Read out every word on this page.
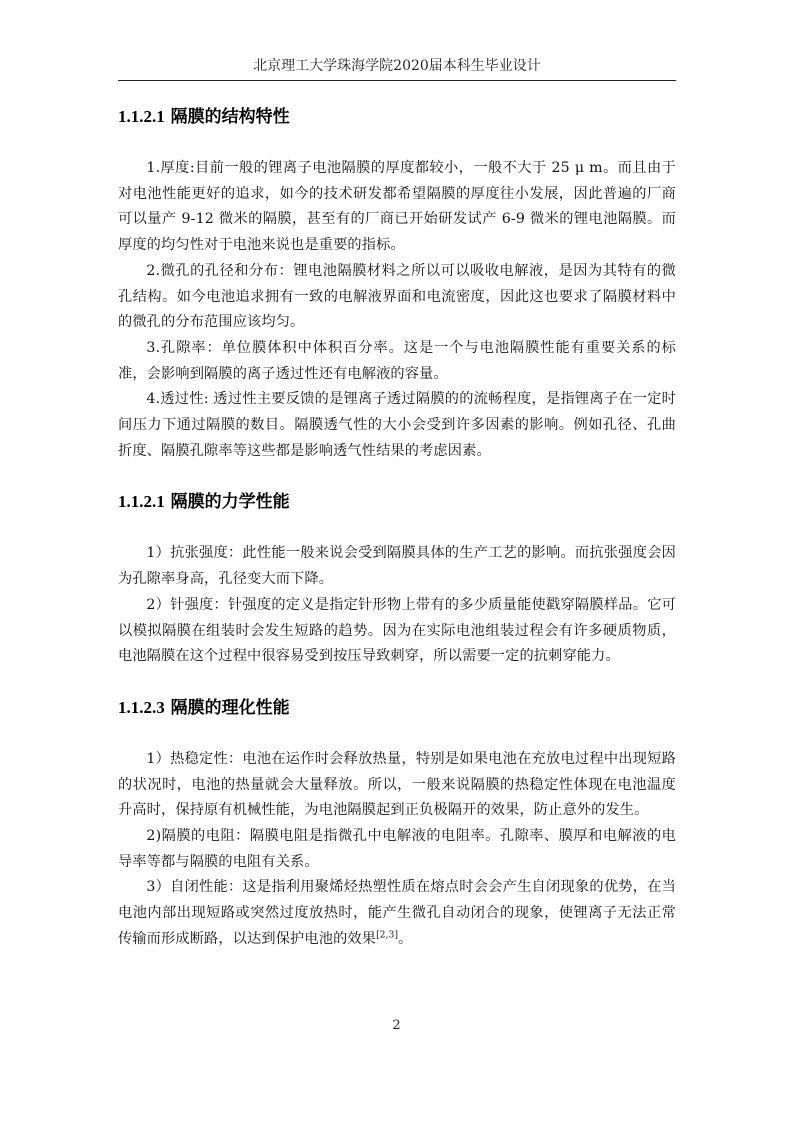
北京理工大学珠海学院2020届本科生毕业设计
1.1.2.1 隔膜的结构特性

1.厚度:目前一般的锂离子电池隔膜的厚度都较小，一般不大于 25 μ m。而且由于对电池性能更好的追求，如今的技术研发都希望隔膜的厚度往小发展，因此普遍的厂商可以量产 9-12 微米的隔膜，甚至有的厂商已开始研发试产 6-9 微米的锂电池隔膜。而厚度的均匀性对于电池来说也是重要的指标。

2.微孔的孔径和分布：锂电池隔膜材料之所以可以吸收电解液，是因为其特有的微孔结构。如今电池追求拥有一致的电解液界面和电流密度，因此这也要求了隔膜材料中的微孔的分布范围应该均匀。

3.孔隙率：单位膜体积中体积百分率。这是一个与电池隔膜性能有重要关系的标准，会影响到隔膜的离子透过性还有电解液的容量。

4.透过性: 透过性主要反馈的是锂离子透过隔膜的的流畅程度，是指锂离子在一定时间压力下通过隔膜的数目。隔膜透气性的大小会受到许多因素的影响。例如孔径、孔曲折度、隔膜孔隙率等这些都是影响透气性结果的考虑因素。

1.1.2.1 隔膜的力学性能

1）抗张强度：此性能一般来说会受到隔膜具体的生产工艺的影响。而抗张强度会因为孔隙率身高，孔径变大而下降。

2）针强度：针强度的定义是指定针形物上带有的多少质量能使戳穿隔膜样品。它可以模拟隔膜在组装时会发生短路的趋势。因为在实际电池组装过程会有许多硬质物质，电池隔膜在这个过程中很容易受到按压导致刺穿，所以需要一定的抗刺穿能力。

1.1.2.3 隔膜的理化性能

1）热稳定性：电池在运作时会释放热量，特别是如果电池在充放电过程中出现短路的状况时，电池的热量就会大量释放。所以，一般来说隔膜的热稳定性体现在电池温度升高时，保持原有机械性能，为电池隔膜起到正负极隔开的效果，防止意外的发生。

2)隔膜的电阻：隔膜电阻是指微孔中电解液的电阻率。孔隙率、膜厚和电解液的电导率等都与隔膜的电阻有关系。

3）自闭性能：这是指利用聚烯烃热塑性质在熔点时会会产生自闭现象的优势，在当电池内部出现短路或突然过度放热时，能产生微孔自动闭合的现象，使锂离子无法正常传输而形成断路，以达到保护电池的效果[2,3]。

2
